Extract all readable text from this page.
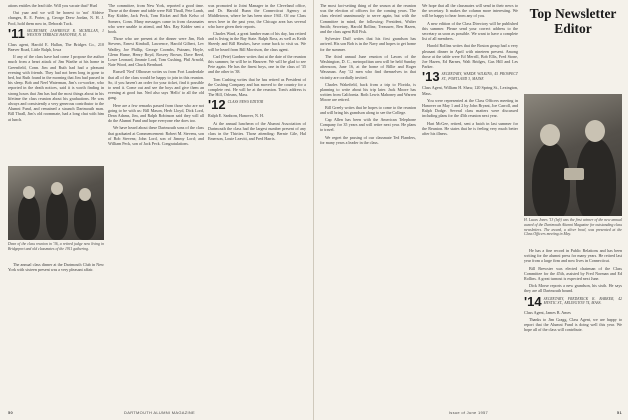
ations entitles the lead title. Will you vacate that? Hurl

Out yaar and we will be honest to 'not' Aldrive changes, R. E. Porter, g, George Drew Jordan, N. H. J. Pool, hold them now in, Deborah Tuck.

'11 SECRETARY, LAWRENCE R. MCMILLAN, 1 WESTON TERRACE HANOVER, N. H.

Class agent, Harold E. Hallan, The Bridges Co., 210 Beaver Road, Little Ralph, Iowa

If any of the class have had come I propose the author much from a heart attack of Jim Warthe at his home in Greenfield, Conn. Jim and Ruth had had a pleasant evening with friends. They had not been long in gone to bed, but Ruth found in the morning that Jim had passed in his sleep. Bob and Neel Waterman, Jim's co-worker, who reported in the death notices, said it is worth finding in strong hours that Jim has had the most things about in his lifetime the class reunion about his graduations. He was always and consistently a very generous contributor to the Alumni Fund, and remained a staunch Dartmouth man. Bill Thrall, Jim's old roommate, had a long chat with him at lunch.

Dean of the class reunion in '36, a retired judge now living in Bridgeport and old classmates of the 1911 gathering.

The annual class dinner at the Dartmouth Club in New York with sixteen present was a very pleasant affair.

'The committee, from New York, reported a good time. Those at the dinner and table were Bill Thrall, Pete Lamb, Ray Kidder, Jack Peck, Tom Ricket and Bob Kelso of Somers, Conn. Many messages came in from classmates who were unable to attend, and Mrs. Ray Kidder sent a book.

Those who are present at the dinner were Jim, Bob Stevens, Ernest Kimball, Lawrence, Harold Gilbert, Lev Wadley, Joe Phillip, George Coombs, Putnam, Hoyle, Glenn Hume, Henry Boyd, Rosvey Brown, Dave Reed, Lowe Leonard, Jimmie Lord, Tom Cushing, Phil Arnold, Nate Wood, and Chuck Bernhard.

Russell 'Ned' Olhouser writes us from Fort Lauderdale that all of the class would be happy to join in this reunion. So, if you haven't an order for your ticket, find it possible to send it. Come out and see the boys and give them an evening at good fun. Ned also says 'Hello' to all the old gang.

Here are a few remarks passed from those who are not going to be with us: Bill Mason, Herb Lloyd, Dick Lord, Dean Adams, Jim, and Ralph Robinson said they will all do the Alumni Fund and hope everyone else does too.

We have heard about these Dartmouth sons of the class that graduated at Commencement: Robert M. Stevens, son of Bob Stevens; John Lord, son of Jimmy Lord; and William Peck, son of Jack Peck. Congratulations.

was promoted to Joint Manager in the Cleveland office, and Dr. Harold Bunn the Connecticut Agency at Middletown, where he has been since 1941. Of our Class news here in the past year, the Chicago area has several who have given their reports.

Charles Ward, a great lumber man of his day, has retired and is living in the Bay State. Ralph Ross, as well as Keith Sheedy and Bill Hawkes, have come back to visit us. We will be heard from Bill Morrison, the class agent.

Carl (Pete) Gardner writes that at the date of the reunion this summer, he will be in Hanover. We will be glad to see Pete again. He has the finest boys, one in the class of '35 and the other in '38.

Tom Cushing writes that he has retired as President of the Cushing Company and has moved to the country for a complete rest. He will be at the reunion. Tom's address is The Hill, Orleans, Mass.

'12 CLASS NEWS EDITOR

Ralph E. Sanborn, Hanover, N. H.

At the annual luncheon of the Alumni Association of Dartmouth the class had the largest number present of any class in the Thirties. Those attending: Bernie Gile, Hal Emerson, Louie Leavitt, and Fred Harris.

50	DARTMOUTH ALUMNI MAGAZINE

The most fact-setting thing of the season at the reunion was the election of officers for the coming years. The class elected unanimously to serve again, but with the Committee in mind, the following: President, Walter Smith; Secretary, Harold Rollins; Treasurer, Ben Hazen, and the class agent Bill Fisk.

Sylvester Duff writes that his first grandson has arrived. His son Bob is in the Navy and hopes to get home for the summer.

The third annual June reunion of Lawns of the Washington, D. C., metropolitan area will be held Sunday afternoon, June 16, at the home of Billie and Roger Wassman. Any '12 men who find themselves in that vicinity are cordially invited.

Charles Wakefield, back from a trip to Florida, is planning to write about his trip later. Jack Moore has written from California. Both Lewis Mahoney and Warren Moore are retired.

Bill Greely writes that he hopes to come to the reunion and will bring his grandson along to see the College.

Cap Allen has been with the American Telephone Company for 35 years and will retire next year. He plans to travel.

We regret the passing of our classmate Ted Flanders, for many years a leader in the class.

We hope that all the classmates will send in their news to the secretary. It makes the column more interesting. We will be happy to hear from any of you.

A new edition of the Class Directory will be published this summer. Please send your correct address to the secretary as soon as possible. We want to have a complete list of all members.

Harold Rollins writes that the Boston group had a very pleasant dinner in April with nineteen present. Among those at the table were Ed Merrill, Bob Ellis, Fred Stone, Joe Hazen, Ed Barnes, Walt Bridges, Gus Hill and Les Parker.

'13 SECRETARY, WARDE WILKINS, 45 PROSPECT ST., PORTLAND 3, MAINE

Class Agent, William H. Shaw, 120 Spring St., Lexington, Mass.

You were represented at the Class Officers meeting in Hanover on May 1 and 2 by John Bryant, Joe Carroll, and Ralph Dodge. Several class matters were discussed including plans for the 45th reunion next year.

Hart McGee, retired, sent a batch in last summer for the Reunion. He states that he is feeling very much better after his illness.

Top Newsletter Editor
H. Lucas Jones '13 (left) was the first winner of the new annual award of the Dartmouth Alumni Magazine for outstanding class newsletters. The award, a silver bowl, was presented at the Class Officers meeting in May.

He has a fine record in Public Relations and has been writing for the alumni press for many years. He retired last year from a large firm and now lives in Connecticut.

Bill Brewster was elected chairman of the Class Committee for the 45th, assisted by Fred Norman and Ed Rollins. A great turnout is expected next June.

Dick Morse reports a new grandson, his sixth. He says they are all Dartmouth bound.

'14 SECRETARY, FREDERICK K. BARKER, 42 MYSTIC ST., ARLINGTON 74, MASS.

Class Agent, James B. Ames

Thanks to Jim Gragg, Class Agent, we are happy to report that the Alumni Fund is doing well this year. We hope all of the class will contribute.

Issue of June 1957	51
